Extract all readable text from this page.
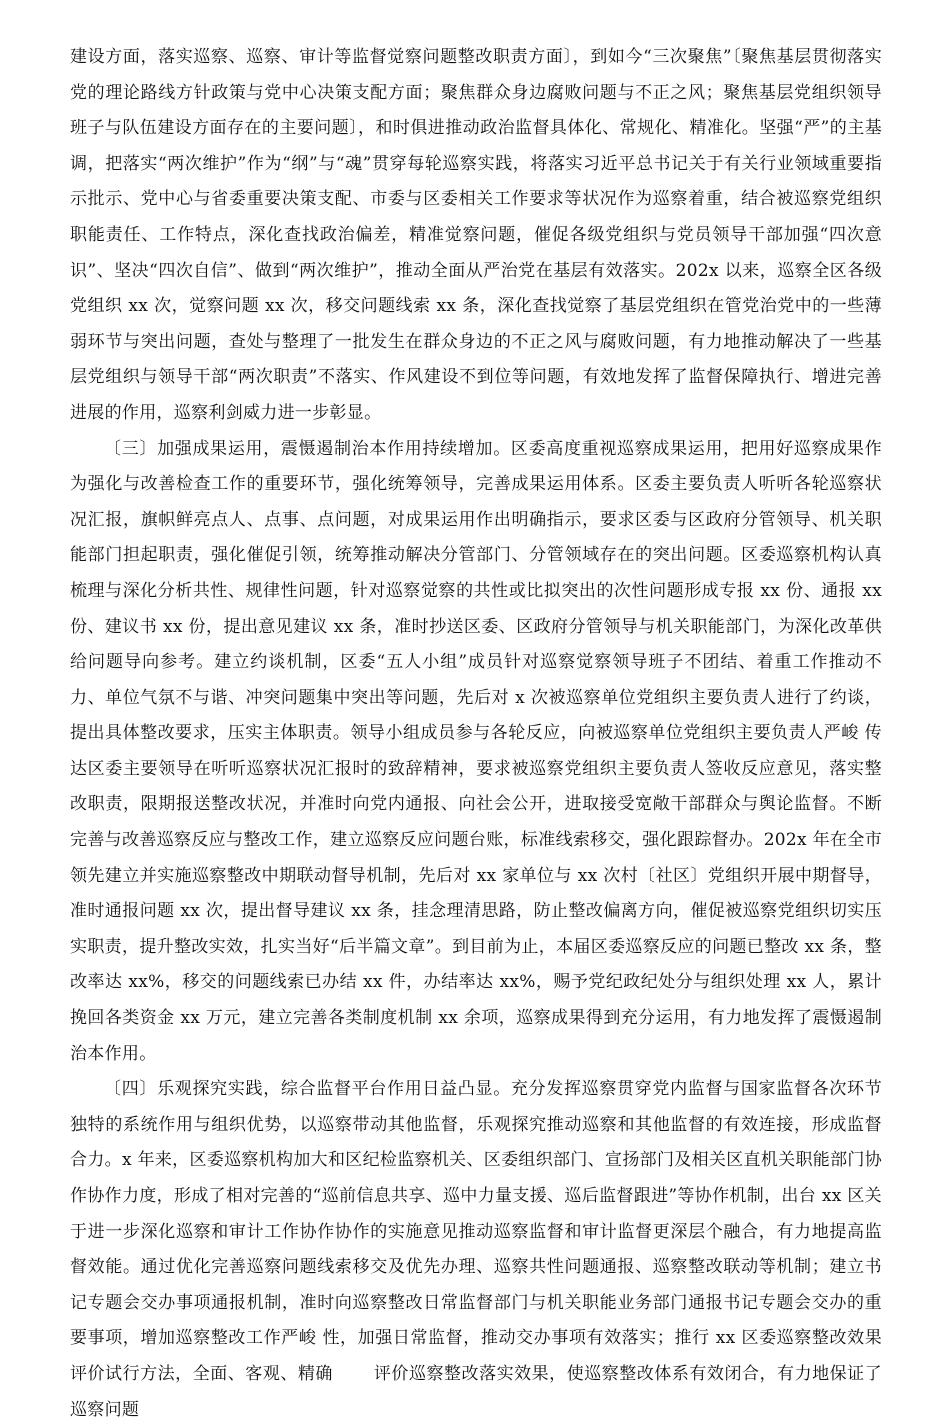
建设方面，落实巡察、巡察、审计等监督觉察问题整改职责方面〕，到如今“三次聚焦”〔聚焦基层贯彻落实党的理论路线方针政策与党中心决策支配方面；聚焦群众身边腐败问题与不正之风；聚焦基层党组织领导班子与队伍建设方面存在的主要问题〕，和时俱进推动政治监督具体化、常规化、精准化。坚强“严”的主基调，把落实“两次维护”作为“纲”与“魂”贯穿每轮巡察实践，将落实习近平总书记关于有关行业领域重要指示批示、党中心与省委重要决策支配、市委与区委相关工作要求等状况作为巡察着重，结合被巡察党组织职能责任、工作特点，深化查找政治偏差，精准觉察问题，催促各级党组织与党员领导干部加强“四次意识”、坚决“四次自信”、做到“两次维护”，推动全面从严治党在基层有效落实。202x 以来，巡察全区各级党组织 xx 次，觉察问题 xx 次，移交问题线索 xx 条，深化查找觉察了基层党组织在管党治党中的一些薄弱环节与突出问题，查处与整理了一批发生在群众身边的不正之风与腐败问题，有力地推动解决了一些基层党组织与领导干部“两次职责”不落实、作风建设不到位等问题，有效地发挥了监督保障执行、增进完善进展的作用，巡察利剑威力进一步彰显。

〔三〕加强成果运用，震慑遏制治本作用持续增加。区委高度重视巡察成果运用，把用好巡察成果作为强化与改善检查工作的重要环节，强化统筹领导，完善成果运用体系。区委主要负责人听听各轮巡察状况汇报，旗帜鲜亮点人、点事、点问题，对成果运用作出明确指示，要求区委与区政府分管领导、机关职能部门担起职责，强化催促引领，统筹推动解决分管部门、分管领域存在的突出问题。区委巡察机构认真梳理与深化分析共性、规律性问题，针对巡察觉察的共性或比拟突出的次性问题形成专报 xx 份、通报 xx 份、建议书 xx 份，提出意见建议 xx 条，准时抄送区委、区政府分管领导与机关职能部门，为深化改革供给问题导向参考。建立约谈机制，区委“五人小组”成员针对巡察觉察领导班子不团结、着重工作推动不力、单位气氛不与谐、冲突问题集中突出等问题，先后对 x 次被巡察单位党组织主要负责人进行了约谈，提出具体整改要求，压实主体职责。领导小组成员参与各轮反应，向被巡察单位党组织主要负责人严峻 传达区委主要领导在听听巡察状况汇报时的致辞精神，要求被巡察党组织主要负责人签收反应意见，落实整改职责，限期报送整改状况，并准时向党内通报、向社会公开，进取接受宽敞干部群众与舆论监督。不断完善与改善巡察反应与整改工作，建立巡察反应问题台账，标准线索移交，强化跟踪督办。202x 年在全市领先建立并实施巡察整改中期联动督导机制，先后对 xx 家单位与 xx 次村〔社区〕党组织开展中期督导，准时通报问题 xx 次，提出督导建议 xx 条，挂念理清思路，防止整改偏离方向，催促被巡察党组织切实压实职责，提升整改实效，扎实当好“后半篇文章”。到目前为止，本届区委巡察反应的问题已整改 xx 条，整改率达 xx%，移交的问题线索已办结 xx 件，办结率达 xx%，赐予党纪政纪处分与组织处理 xx 人，累计挽回各类资金 xx 万元，建立完善各类制度机制 xx 余项，巡察成果得到充分运用，有力地发挥了震慑遏制治本作用。

〔四〕乐观探究实践，综合监督平台作用日益凸显。充分发挥巡察贯穿党内监督与国家监督各次环节独特的系统作用与组织优势，以巡察带动其他监督，乐观探究推动巡察和其他监督的有效连接，形成监督合力。x 年来，区委巡察机构加大和区纪检监察机关、区委组织部门、宣扬部门及相关区直机关职能部门协作协作力度，形成了相对完善的“巡前信息共享、巡中力量支援、巡后监督跟进”等协作机制，出台 xx 区关于进一步深化巡察和审计工作协作协作的实施意见推动巡察监督和审计监督更深层个融合，有力地提高监督效能。通过优化完善巡察问题线索移交及优先办理、巡察共性问题通报、巡察整改联动等机制；建立书记专题会交办事项通报机制，准时向巡察整改日常监督部门与机关职能业务部门通报书记专题会交办的重要事项，增加巡察整改工作严峻 性，加强日常监督，推动交办事项有效落实；推行 xx 区委巡察整改效果评价试行方法，全面、客观、精确　　 评价巡察整改落实效果，使巡察整改体系有效闭合，有力地保证了巡察问题
